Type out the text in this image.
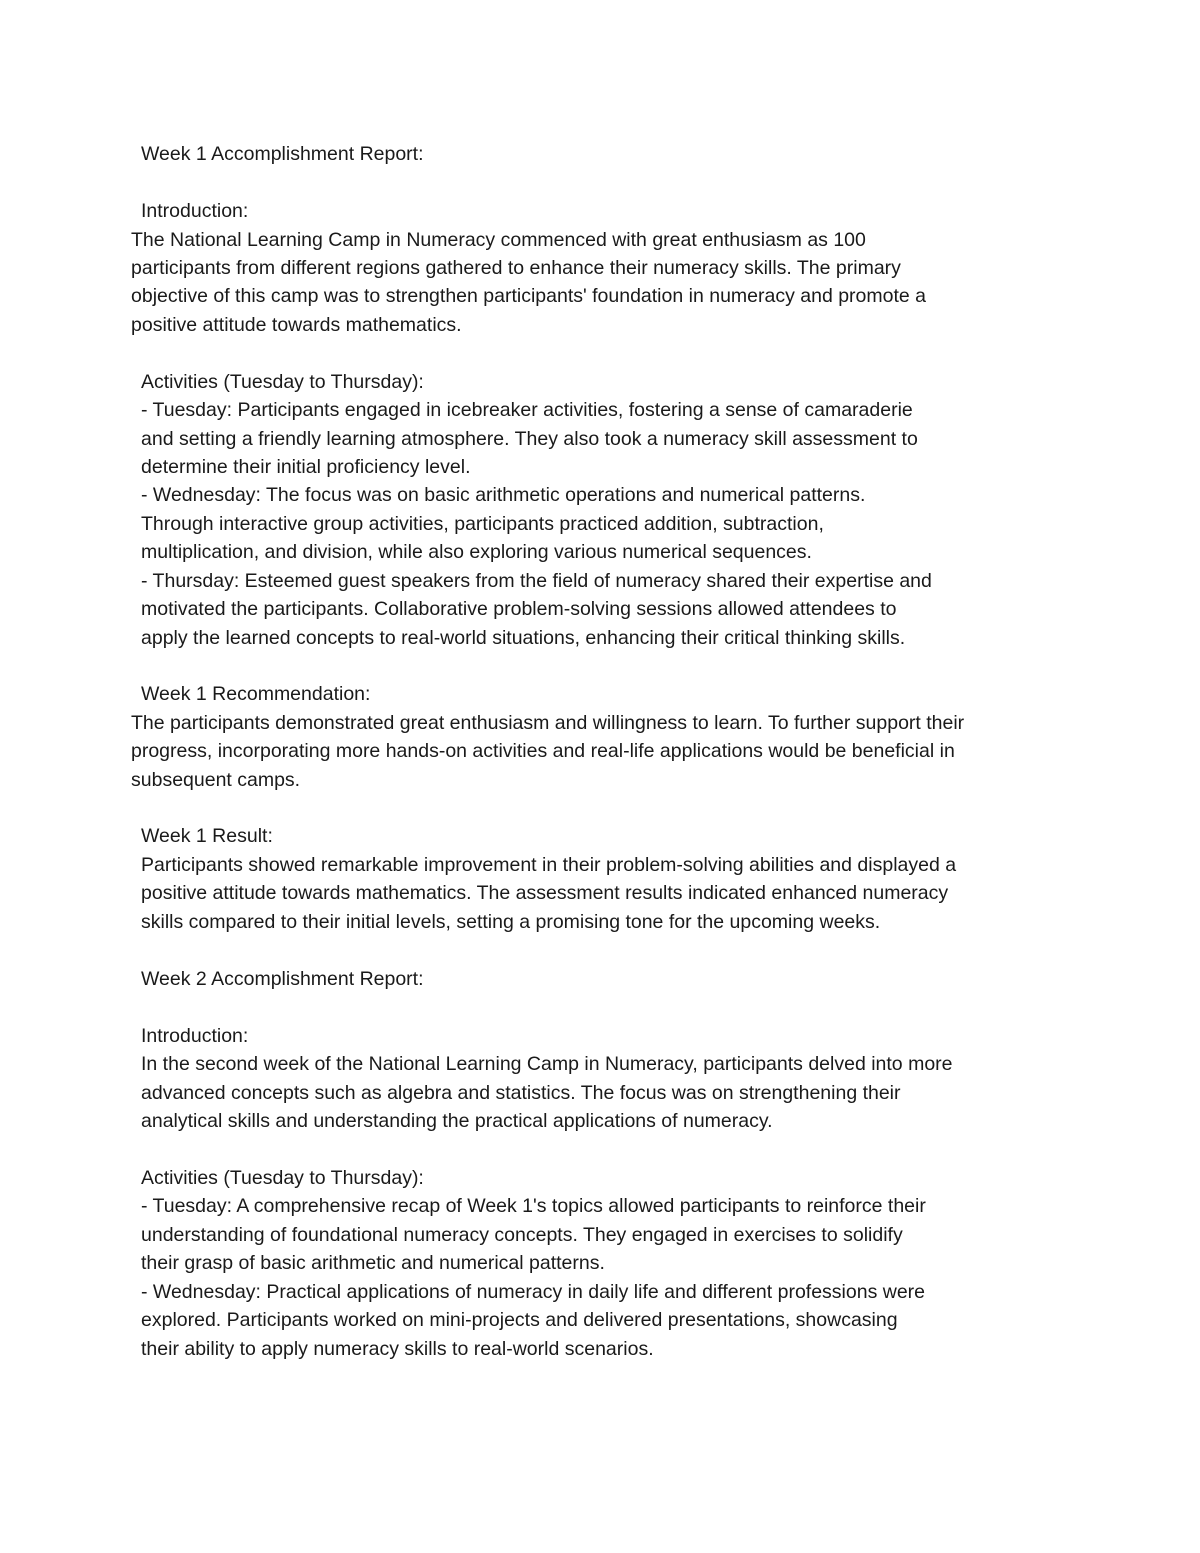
Week 1 Accomplishment Report:
Introduction:
The National Learning Camp in Numeracy commenced with great enthusiasm as 100
participants from different regions gathered to enhance their numeracy skills. The primary
objective of this camp was to strengthen participants' foundation in numeracy and promote a
positive attitude towards mathematics.
Activities (Tuesday to Thursday):
- Tuesday: Participants engaged in icebreaker activities, fostering a sense of camaraderie
and setting a friendly learning atmosphere. They also took a numeracy skill assessment to
determine their initial proficiency level.
- Wednesday: The focus was on basic arithmetic operations and numerical patterns.
Through interactive group activities, participants practiced addition, subtraction,
multiplication, and division, while also exploring various numerical sequences.
- Thursday: Esteemed guest speakers from the field of numeracy shared their expertise and
motivated the participants. Collaborative problem-solving sessions allowed attendees to
apply the learned concepts to real-world situations, enhancing their critical thinking skills.
Week 1 Recommendation:
The participants demonstrated great enthusiasm and willingness to learn. To further support their
progress, incorporating more hands-on activities and real-life applications would be beneficial in
subsequent camps.
Week 1 Result:
Participants showed remarkable improvement in their problem-solving abilities and displayed a
positive attitude towards mathematics. The assessment results indicated enhanced numeracy
skills compared to their initial levels, setting a promising tone for the upcoming weeks.
Week 2 Accomplishment Report:
Introduction:
In the second week of the National Learning Camp in Numeracy, participants delved into more
advanced concepts such as algebra and statistics. The focus was on strengthening their
analytical skills and understanding the practical applications of numeracy.
Activities (Tuesday to Thursday):
- Tuesday: A comprehensive recap of Week 1's topics allowed participants to reinforce their
understanding of foundational numeracy concepts. They engaged in exercises to solidify
their grasp of basic arithmetic and numerical patterns.
- Wednesday: Practical applications of numeracy in daily life and different professions were
explored. Participants worked on mini-projects and delivered presentations, showcasing
their ability to apply numeracy skills to real-world scenarios.
